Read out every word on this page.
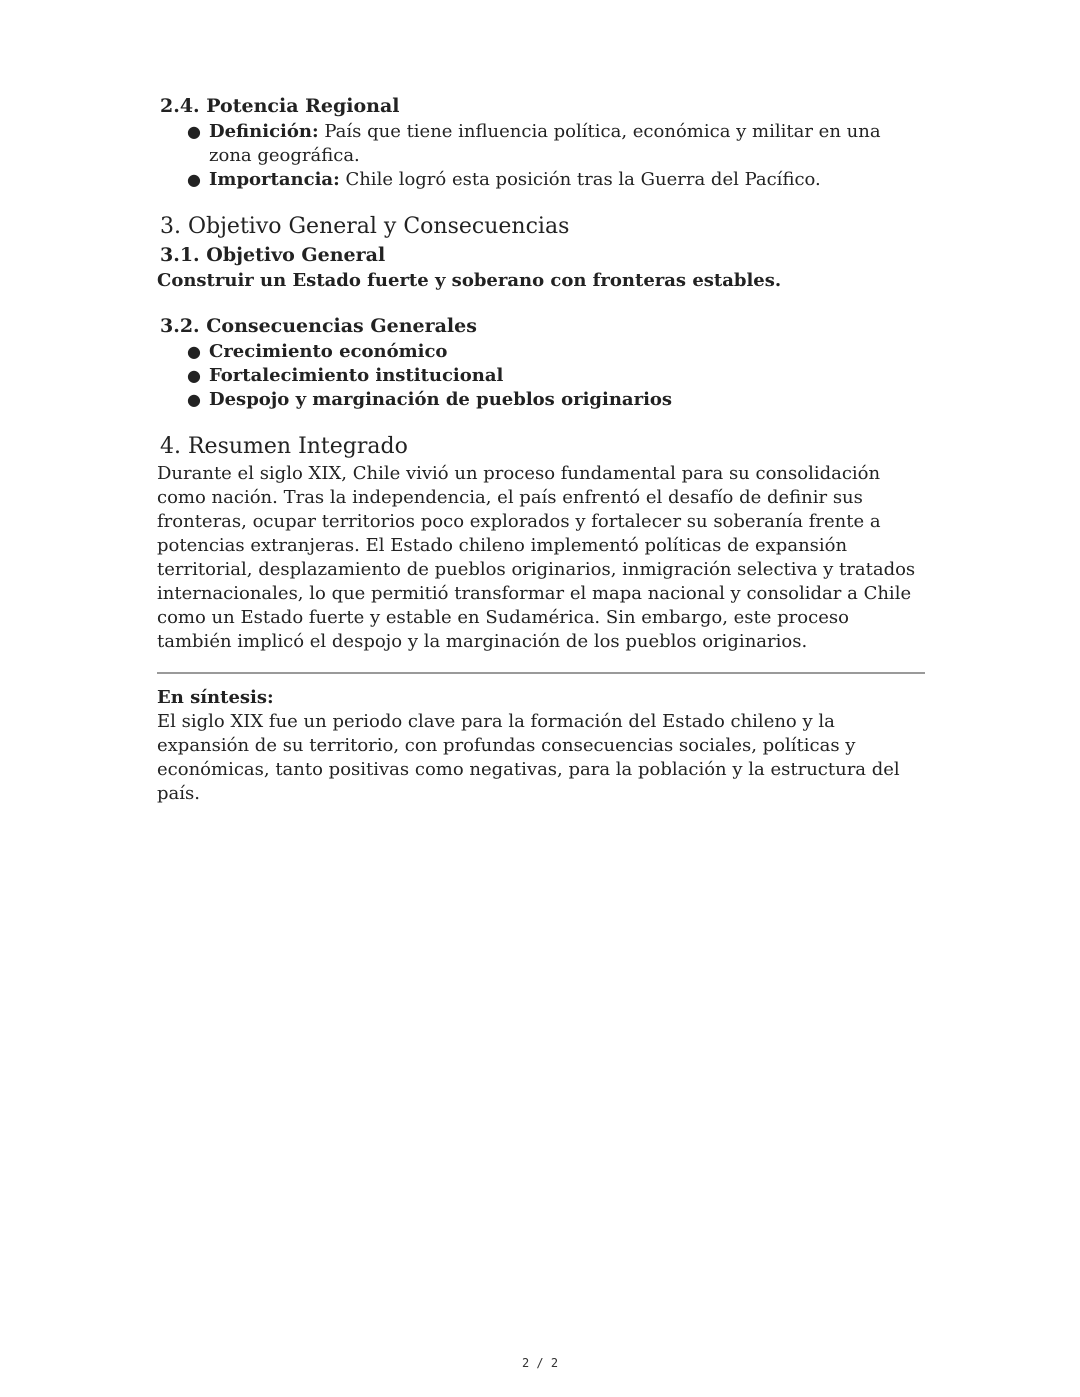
2.4. Potencia Regional
● Definición: País que tiene influencia política, económica y militar en una zona geográfica.
● Importancia: Chile logró esta posición tras la Guerra del Pacífico.
3. Objetivo General y Consecuencias
3.1. Objetivo General

Construir un Estado fuerte y soberano con fronteras estables.

3.2. Consecuencias Generales
● Crecimiento económico
● Fortalecimiento institucional
● Despojo y marginación de pueblos originarios
4. Resumen Integrado

Durante el siglo XIX, Chile vivió un proceso fundamental para su consolidación como nación. Tras la independencia, el país enfrentó el desafío de definir sus fronteras, ocupar territorios poco explorados y fortalecer su soberanía frente a potencias extranjeras. El Estado chileno implementó políticas de expansión territorial, desplazamiento de pueblos originarios, inmigración selectiva y tratados internacionales, lo que permitió transformar el mapa nacional y consolidar a Chile como un Estado fuerte y estable en Sudamérica. Sin embargo, este proceso también implicó el despojo y la marginación de los pueblos originarios.

En síntesis:

El siglo XIX fue un periodo clave para la formación del Estado chileno y la expansión de su territorio, con profundas consecuencias sociales, políticas y económicas, tanto positivas como negativas, para la población y la estructura del país.

2 / 2
